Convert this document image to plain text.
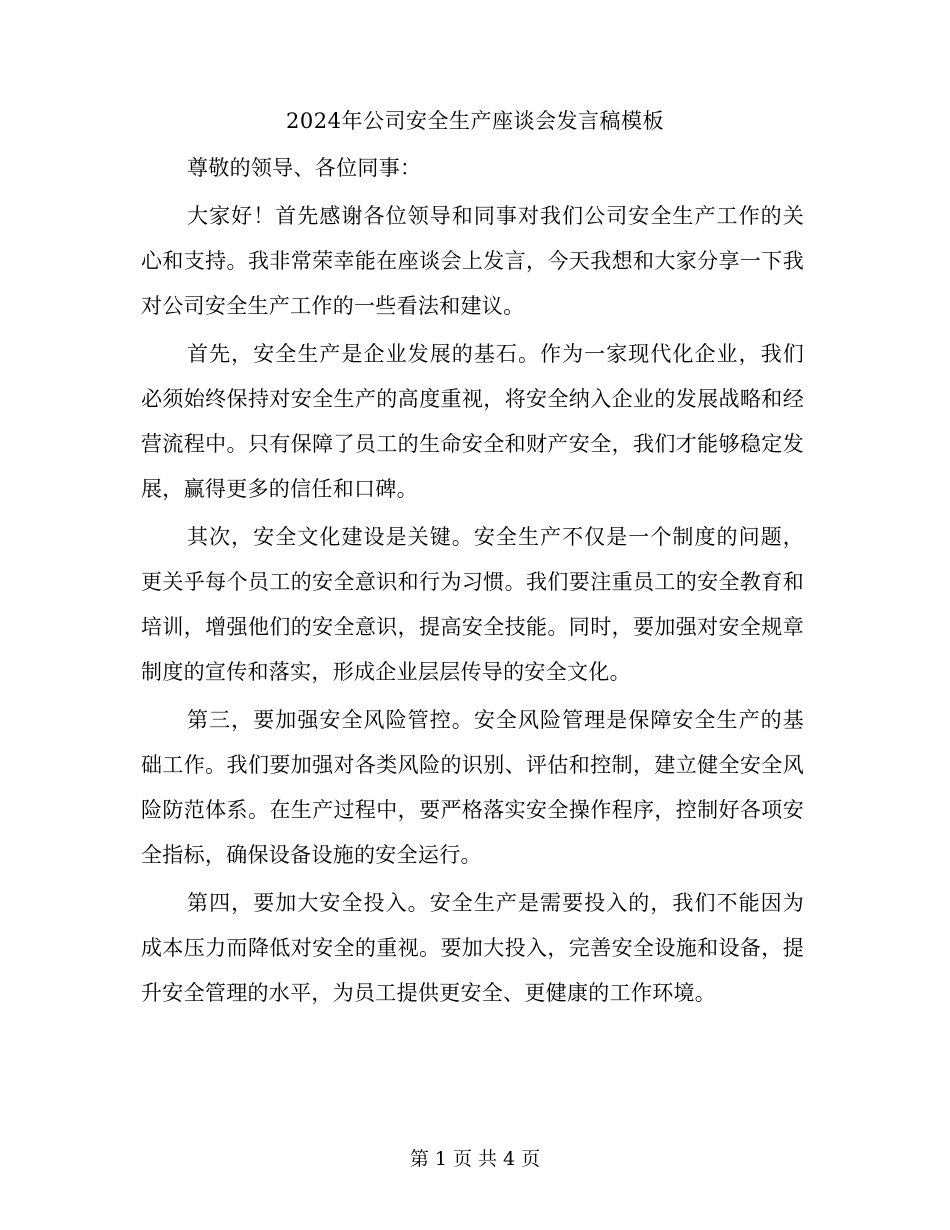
2024年公司安全生产座谈会发言稿模板

尊敬的领导、各位同事：

大家好！首先感谢各位领导和同事对我们公司安全生产工作的关心和支持。我非常荣幸能在座谈会上发言，今天我想和大家分享一下我对公司安全生产工作的一些看法和建议。

首先，安全生产是企业发展的基石。作为一家现代化企业，我们必须始终保持对安全生产的高度重视，将安全纳入企业的发展战略和经营流程中。只有保障了员工的生命安全和财产安全，我们才能够稳定发展，赢得更多的信任和口碑。

其次，安全文化建设是关键。安全生产不仅是一个制度的问题，更关乎每个员工的安全意识和行为习惯。我们要注重员工的安全教育和培训，增强他们的安全意识，提高安全技能。同时，要加强对安全规章制度的宣传和落实，形成企业层层传导的安全文化。

第三，要加强安全风险管控。安全风险管理是保障安全生产的基础工作。我们要加强对各类风险的识别、评估和控制，建立健全安全风险防范体系。在生产过程中，要严格落实安全操作程序，控制好各项安全指标，确保设备设施的安全运行。

第四，要加大安全投入。安全生产是需要投入的，我们不能因为成本压力而降低对安全的重视。要加大投入，完善安全设施和设备，提升安全管理的水平，为员工提供更安全、更健康的工作环境。

第 1 页 共 4 页
